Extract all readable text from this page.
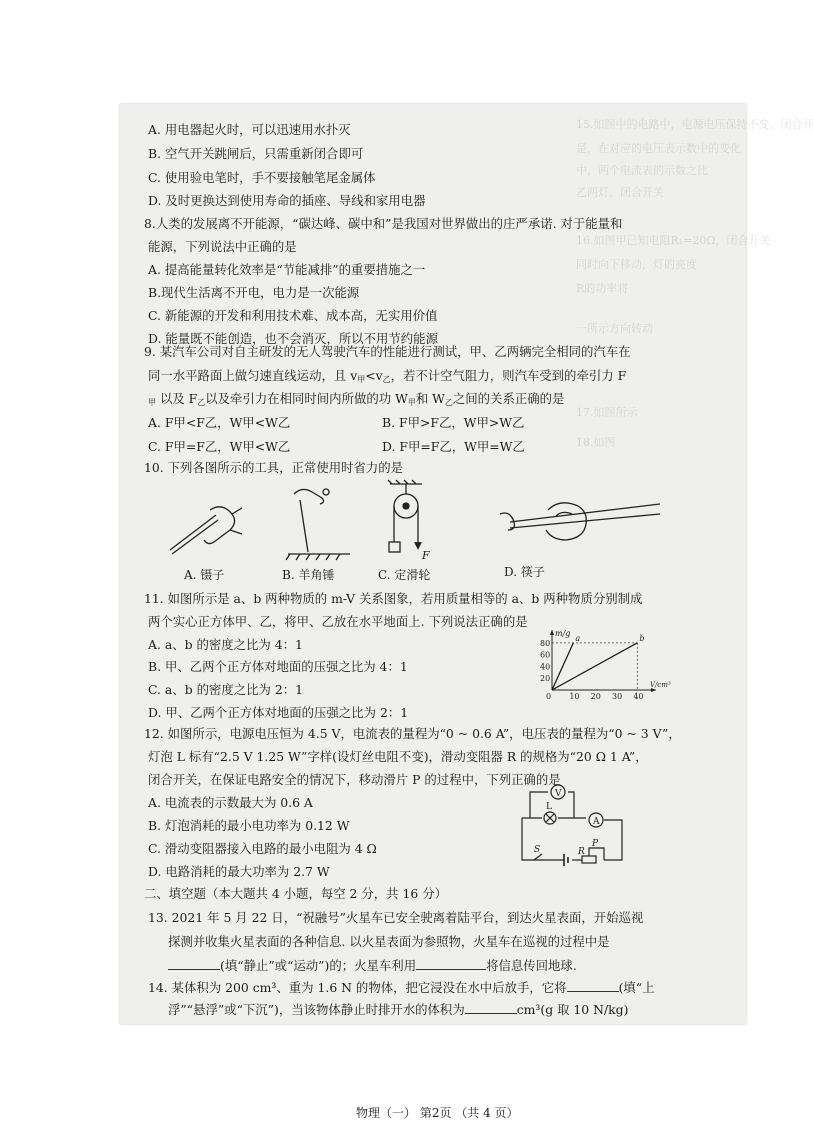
15.如图中的电路中，电源电压保持不变，闭合开
是，在对应的电压表示数中的变化
中，两个电流表的示数之比
乙两灯，闭合开关
16.如图甲已知电阻R₁=20Ω，闭合开关
同时向下移动，灯的亮度
R的功率将
一所示方向转动
17.如图所示
18.如图
A. 用电器起火时，可以迅速用水扑灭
B. 空气开关跳闸后，只需重新闭合即可
C. 使用验电笔时，手不要接触笔尾金属体
D. 及时更换达到使用寿命的插座、导线和家用电器
8.人类的发展离不开能源，“碳达峰、碳中和”是我国对世界做出的庄严承诺. 对于能量和
能源，下列说法中正确的是
A. 提高能量转化效率是“节能减排”的重要措施之一
B.现代生活离不开电，电力是一次能源
C. 新能源的开发和利用技术难、成本高，无实用价值
D. 能量既不能创造，也不会消灭，所以不用节约能源
9. 某汽车公司对自主研发的无人驾驶汽车的性能进行测试，甲、乙两辆完全相同的汽车在
同一水平路面上做匀速直线运动，且 $v_甲<v_乙$，若不计空气阻力，则汽车受到的牵引力 F
$_甲$ 以及 $F_乙$以及牵引力在相同时间内所做的功 $W_甲$和 $W_乙$之间的关系正确的是
A. F甲<F乙，W甲<W乙	B. F甲>F乙，W甲>W乙
C. F甲=F乙，W甲<W乙	D. F甲=F乙，W甲=W乙
10. 下列各图所示的工具，正常使用时省力的是
F
A. 镊子	B. 羊角锤	C. 定滑轮	D. 筷子
11. 如图所示是 a、b 两种物质的 m-V 关系图象，若用质量相等的 a、b 两种物质分别制成
两个实心正方体甲、乙，将甲、乙放在水平地面上. 下列说法正确的是
A. a、b 的密度之比为 4：1
B. 甲、乙两个正方体对地面的压强之比为 4：1
C. a、b 的密度之比为 2：1
D. 甲、乙两个正方体对地面的压强之比为 2：1
m/g
V/cm³
0 10 20 30 40
20
40
60
80
a	b
12. 如图所示，电源电压恒为 4.5 V，电流表的量程为“0 ~ 0.6 A”，电压表的量程为“0 ~ 3 V”，
灯泡 L 标有“2.5 V 1.25 W”字样(设灯丝电阻不变)，滑动变阻器 R 的规格为“20 Ω 1 A”，
闭合开关，在保证电路安全的情况下，移动滑片 P 的过程中，下列正确的是
A. 电流表的示数最大为 0.6 A
B. 灯泡消耗的最小电功率为 0.12 W
C. 滑动变阻器接入电路的最小电阻为 4 Ω
D. 电路消耗的最大功率为 2.7 W
V
A
L
S	R
P
二、填空题（本大题共 4 小题，每空 2 分，共 16 分）
13. 2021 年 5 月 22 日，“祝融号”火星车已安全驶离着陆平台，到达火星表面，开始巡视
探测并收集火星表面的各种信息. 以火星表面为参照物，火星车在巡视的过程中是
(填“静止”或“运动”)的；火星车利用	将信息传回地球.
14. 某体积为 200 cm³、重为 1.6 N 的物体，把它浸没在水中后放手，它将	(填“上
浮”“悬浮”或“下沉”)，当该物体静止时排开水的体积为	cm³(g 取 10 N/kg)
物理（一） 第2页 （共 4 页）
